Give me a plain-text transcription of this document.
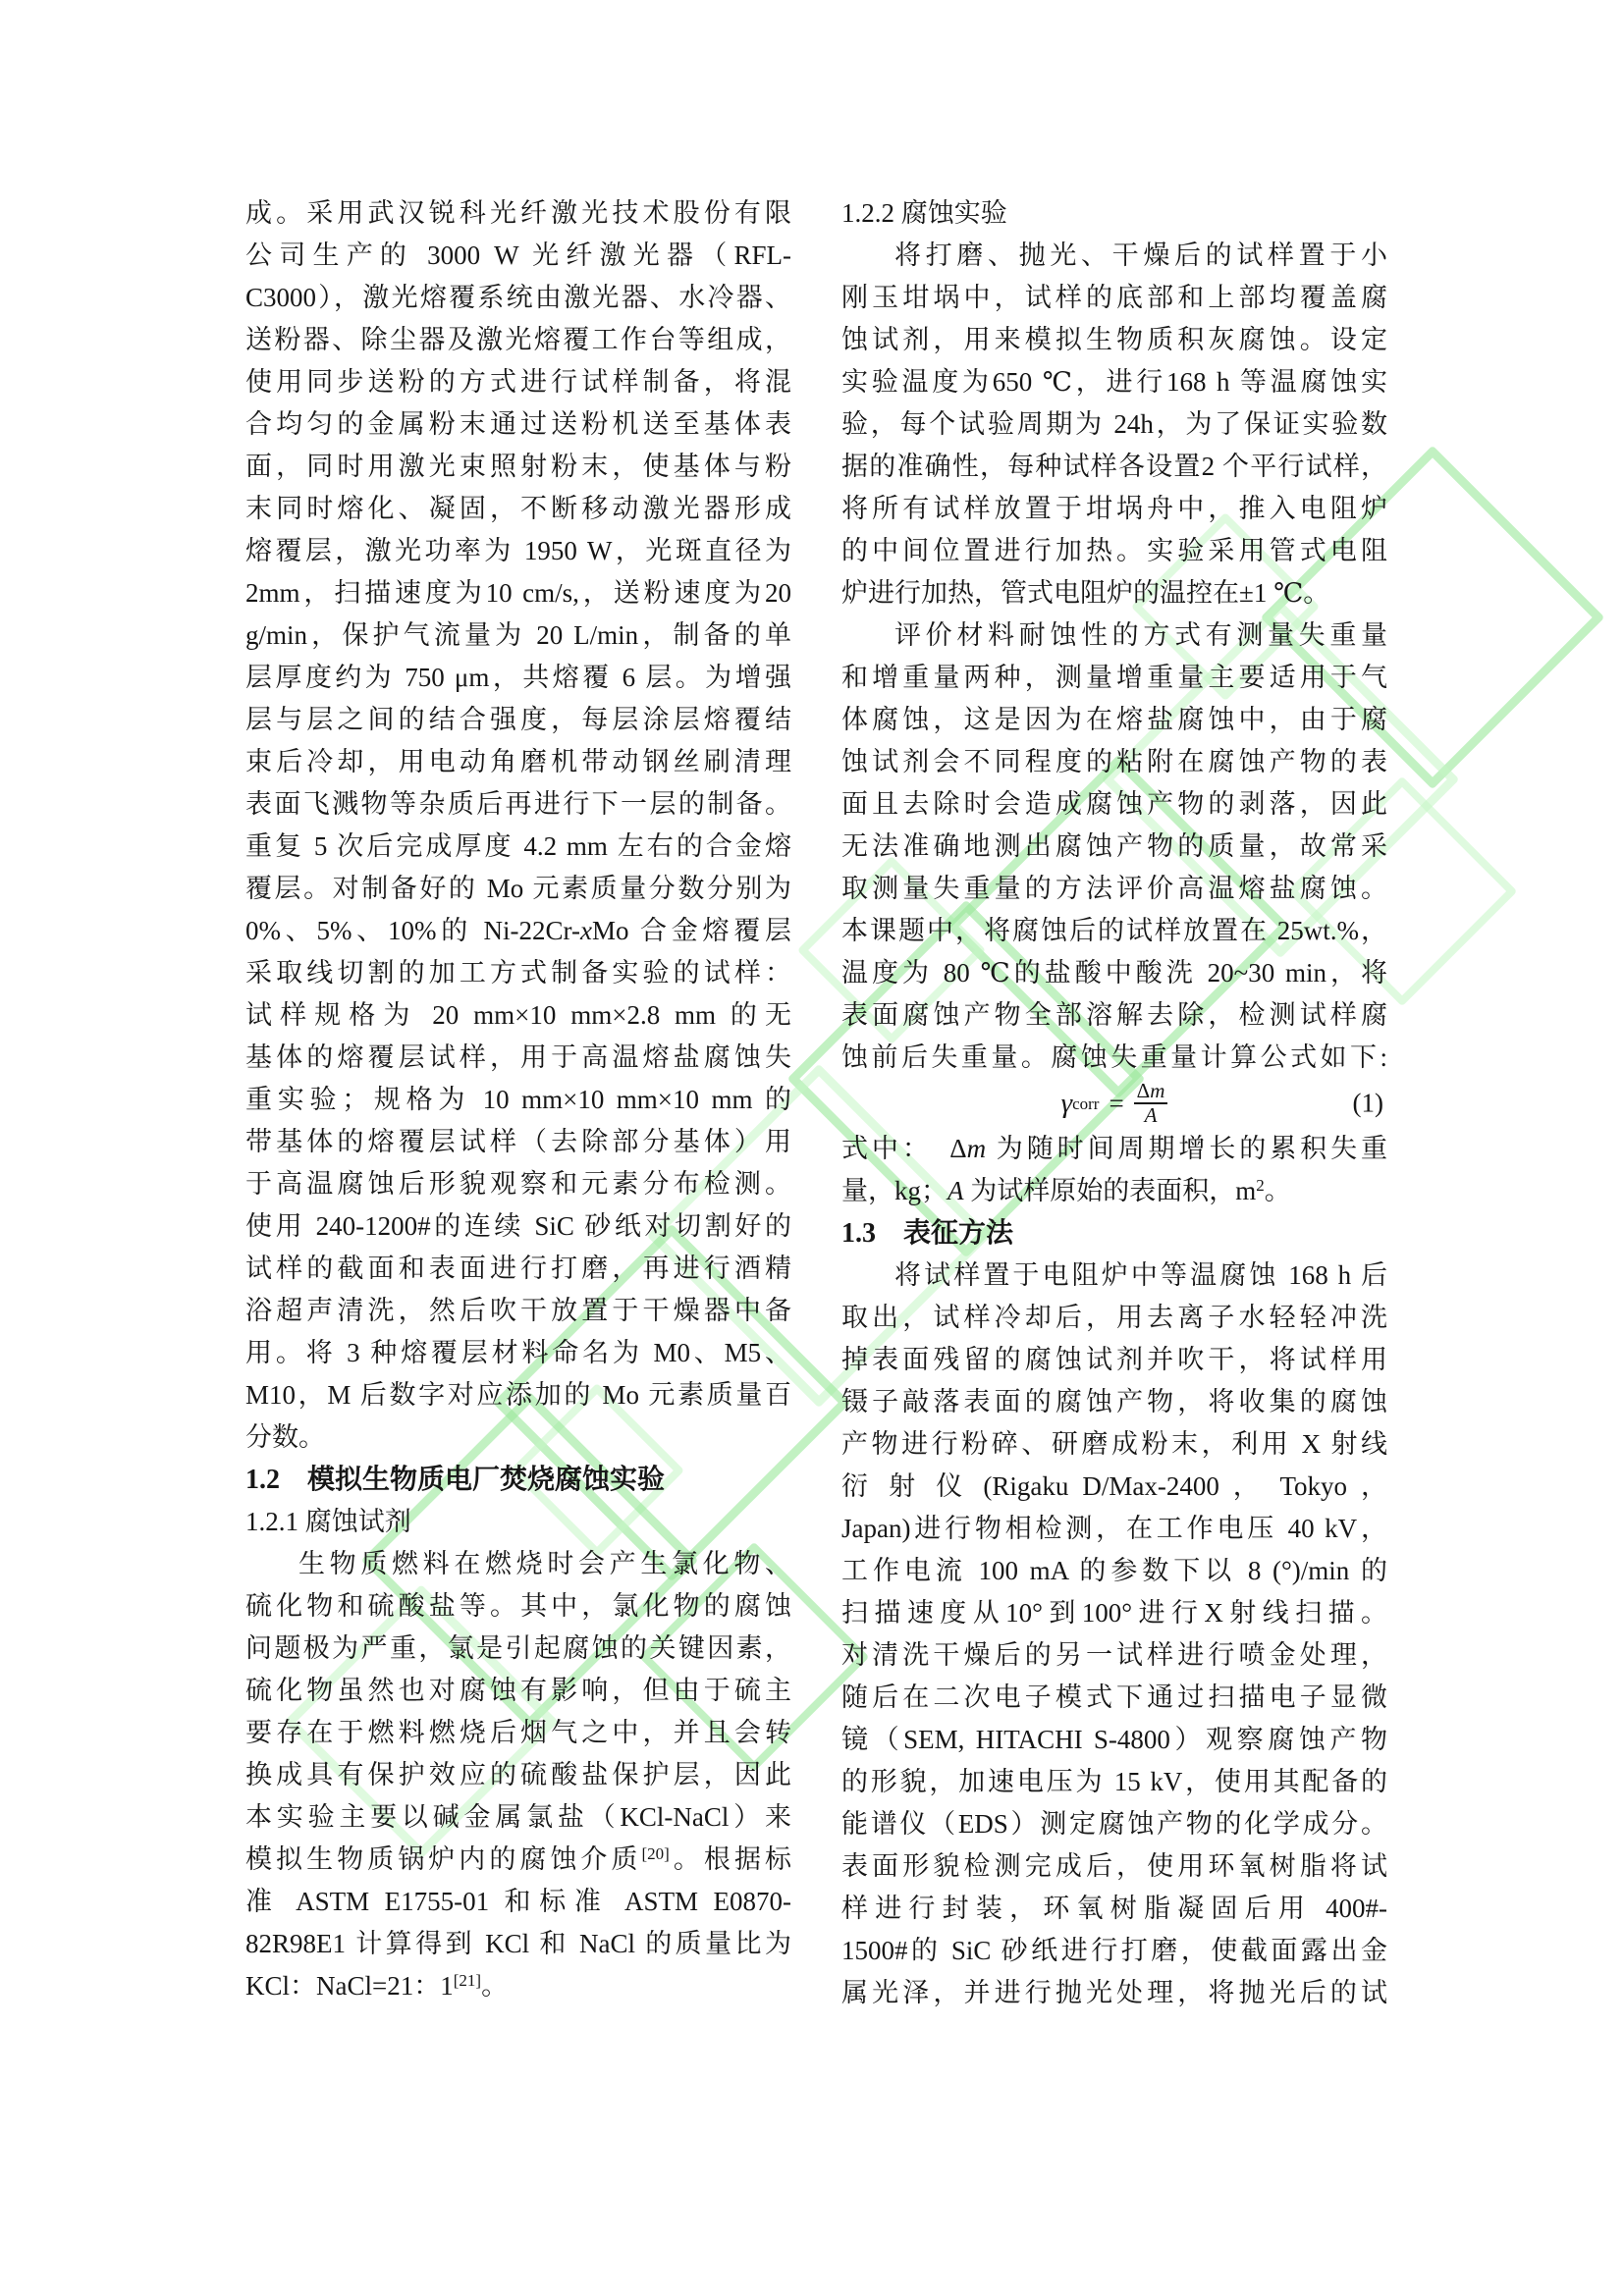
成。采用武汉锐科光纤激光技术股份有限
公司生产的 3000 W 光纤激光器（RFL-
C3000），激光熔覆系统由激光器、水冷器、
送粉器、除尘器及激光熔覆工作台等组成，
使用同步送粉的方式进行试样制备，将混
合均匀的金属粉末通过送粉机送至基体表
面，同时用激光束照射粉末，使基体与粉
末同时熔化、凝固，不断移动激光器形成
熔覆层，激光功率为 1950 W，光斑直径为
2mm，扫描速度为10 cm/s,，送粉速度为20
g/min，保护气流量为 20 L/min，制备的单
层厚度约为 750 μm，共熔覆 6 层。为增强
层与层之间的结合强度，每层涂层熔覆结
束后冷却，用电动角磨机带动钢丝刷清理
表面飞溅物等杂质后再进行下一层的制备。
重复 5 次后完成厚度 4.2 mm 左右的合金熔
覆层。对制备好的 Mo 元素质量分数分别为
0%、5%、10%的 Ni-22Cr-xMo 合金熔覆层
采取线切割的加工方式制备实验的试样：
试样规格为 20 mm×10 mm×2.8 mm 的无
基体的熔覆层试样，用于高温熔盐腐蚀失
重实验；规格为 10 mm×10 mm×10 mm 的
带基体的熔覆层试样（去除部分基体）用
于高温腐蚀后形貌观察和元素分布检测。
使用 240-1200#的连续 SiC 砂纸对切割好的
试样的截面和表面进行打磨，再进行酒精
浴超声清洗，然后吹干放置于干燥器中备
用。将 3 种熔覆层材料命名为 M0、M5、
M10，M 后数字对应添加的 Mo 元素质量百
分数。
1.2　模拟生物质电厂焚烧腐蚀实验
1.2.1 腐蚀试剂
生物质燃料在燃烧时会产生氯化物、
硫化物和硫酸盐等。其中，氯化物的腐蚀
问题极为严重，氯是引起腐蚀的关键因素，
硫化物虽然也对腐蚀有影响，但由于硫主
要存在于燃料燃烧后烟气之中，并且会转
换成具有保护效应的硫酸盐保护层，因此
本实验主要以碱金属氯盐（KCl-NaCl）来
模拟生物质锅炉内的腐蚀介质[20]。根据标
准 ASTM E1755-01 和标准 ASTM E0870-
82R98E1 计算得到 KCl 和 NaCl 的质量比为
KCl：NaCl=21：1[21]。
1.2.2 腐蚀实验
将打磨、抛光、干燥后的试样置于小
刚玉坩埚中，试样的底部和上部均覆盖腐
蚀试剂，用来模拟生物质积灰腐蚀。设定
实验温度为650 ℃，进行168 h 等温腐蚀实
验，每个试验周期为 24h，为了保证实验数
据的准确性，每种试样各设置2 个平行试样，
将所有试样放置于坩埚舟中，推入电阻炉
的中间位置进行加热。实验采用管式电阻
炉进行加热，管式电阻炉的温控在±1 ℃。
评价材料耐蚀性的方式有测量失重量
和增重量两种，测量增重量主要适用于气
体腐蚀，这是因为在熔盐腐蚀中，由于腐
蚀试剂会不同程度的粘附在腐蚀产物的表
面且去除时会造成腐蚀产物的剥落，因此
无法准确地测出腐蚀产物的质量，故常采
取测量失重量的方法评价高温熔盐腐蚀。
本课题中，将腐蚀后的试样放置在 25wt.%，
温度为 80 ℃的盐酸中酸洗 20~30 min，将
表面腐蚀产物全部溶解去除，检测试样腐
蚀前后失重量。腐蚀失重量计算公式如下:
γ corr = $\frac{\Delta m}{A}$	(1)
式中：　 Δm 为随时间周期增长的累积失重
量，kg；A 为试样原始的表面积，$m^2$。
1.3　表征方法
将试样置于电阻炉中等温腐蚀 168 h 后
取出，试样冷却后，用去离子水轻轻冲洗
掉表面残留的腐蚀试剂并吹干，将试样用
镊子敲落表面的腐蚀产物，将收集的腐蚀
产物进行粉碎、研磨成粉末，利用 X 射线
衍 射 仪 (Rigaku D/Max-2400 ， Tokyo ，
Japan)进行物相检测，在工作电压 40 kV，
工作电流 100 mA 的参数下以 8 (°)/min 的
扫描速度从10°到100°进行X射线扫描。
对清洗干燥后的另一试样进行喷金处理，
随后在二次电子模式下通过扫描电子显微
镜（SEM, HITACHI S-4800）观察腐蚀产物
的形貌，加速电压为 15 kV，使用其配备的
能谱仪（EDS）测定腐蚀产物的化学成分。
表面形貌检测完成后，使用环氧树脂将试
样进行封装，环氧树脂凝固后用 400#-
1500#的 SiC 砂纸进行打磨，使截面露出金
属光泽，并进行抛光处理，将抛光后的试
